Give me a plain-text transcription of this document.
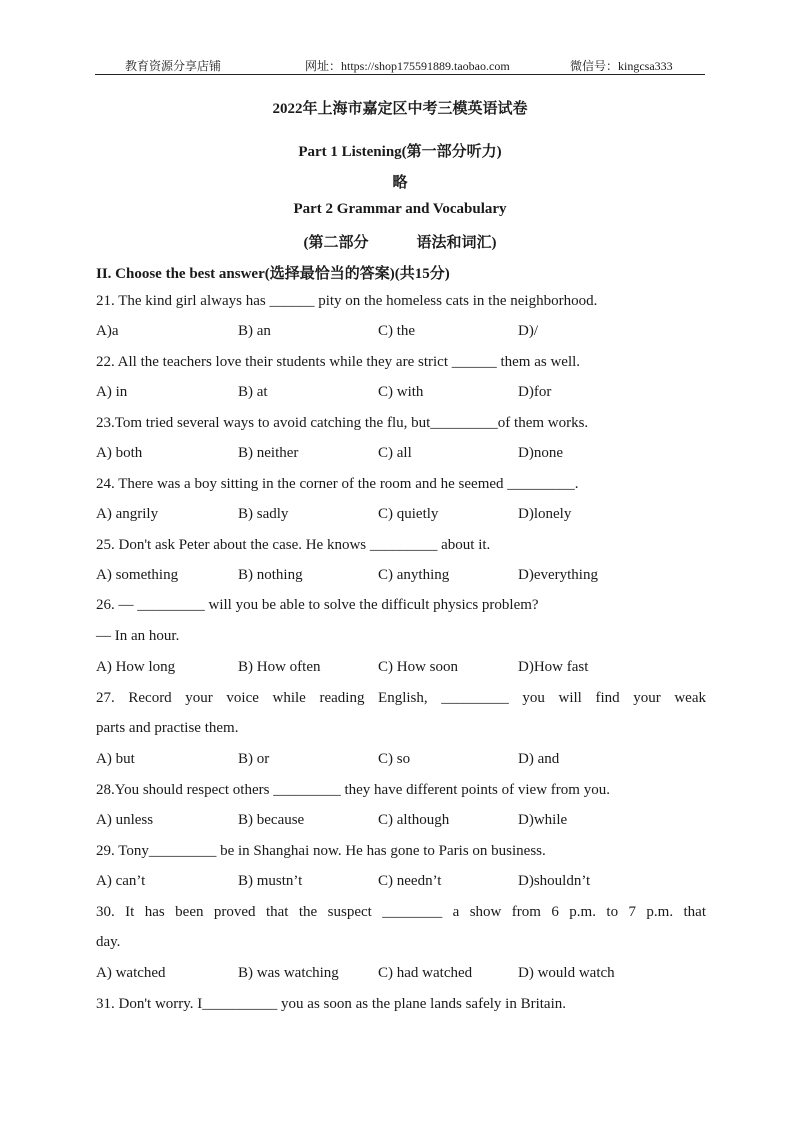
教育资源分享店铺	网址：https://shop175591889.taobao.com	微信号：kingcsa333
2022年上海市嘉定区中考三模英语试卷
Part 1 Listening(第一部分听力)
略
Part 2 Grammar and Vocabulary
(第二部分	语法和词汇)
II. Choose the best answer(选择最恰当的答案)(共15分)
21. The kind girl always has ______ pity on the homeless cats in the neighborhood.
A)a	B) an	C) the	D)/
22. All the teachers love their students while they are strict ______ them as well.
A) in	B) at	C) with	D)for
23.Tom tried several ways to avoid catching the flu, but_________of them works.
A) both	B) neither	C) all	D)none
24. There was a boy sitting in the corner of the room and he seemed _________.
A) angrily	B) sadly	C) quietly	D)lonely
25. Don't ask Peter about the case. He knows _________ about it.
A) something	B) nothing	C) anything	D)everything
26. — _________ will you be able to solve the difficult physics problem?
— In an hour.
A) How long	B) How often	C) How soon	D)How fast
27. Record your voice while reading English, _________ you will find your weak
parts and practise them.
A) but	B) or	C) so	D) and
28.You should respect others _________ they have different points of view from you.
A) unless	B) because	C) although	D)while
29. Tony_________ be in Shanghai now. He has gone to Paris on business.
A) can’t	B) mustn’t	C) needn’t	D)shouldn’t
30. It has been proved that the suspect ________ a show from 6 p.m. to 7 p.m. that
day.
A) watched	B) was watching	C) had watched	D) would watch
31. Don't worry. I__________ you as soon as the plane lands safely in Britain.
